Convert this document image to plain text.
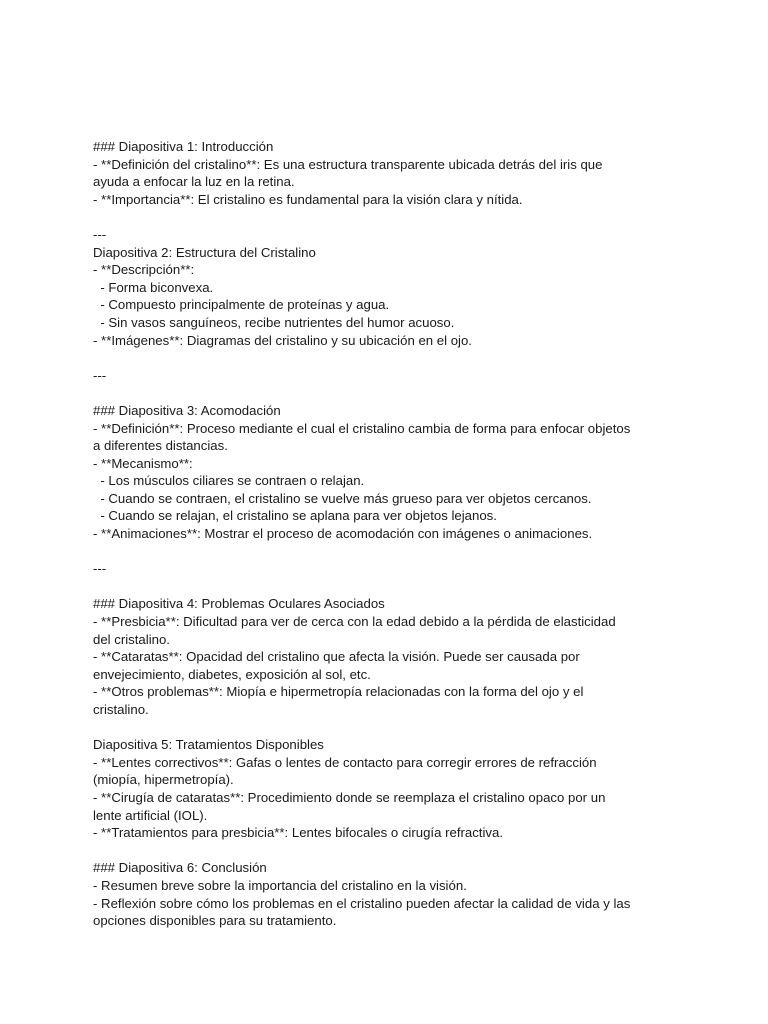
### Diapositiva 1: Introducción
- **Definición del cristalino**: Es una estructura transparente ubicada detrás del iris que
ayuda a enfocar la luz en la retina.
- **Importancia**: El cristalino es fundamental para la visión clara y nítida.
---
Diapositiva 2: Estructura del Cristalino
- **Descripción**:
- Forma biconvexa.
- Compuesto principalmente de proteínas y agua.
- Sin vasos sanguíneos, recibe nutrientes del humor acuoso.
- **Imágenes**: Diagramas del cristalino y su ubicación en el ojo.
---
### Diapositiva 3: Acomodación
- **Definición**: Proceso mediante el cual el cristalino cambia de forma para enfocar objetos
a diferentes distancias.
- **Mecanismo**:
- Los músculos ciliares se contraen o relajan.
- Cuando se contraen, el cristalino se vuelve más grueso para ver objetos cercanos.
- Cuando se relajan, el cristalino se aplana para ver objetos lejanos.
- **Animaciones**: Mostrar el proceso de acomodación con imágenes o animaciones.
---
### Diapositiva 4: Problemas Oculares Asociados
- **Presbicia**: Dificultad para ver de cerca con la edad debido a la pérdida de elasticidad
del cristalino.
- **Cataratas**: Opacidad del cristalino que afecta la visión. Puede ser causada por
envejecimiento, diabetes, exposición al sol, etc.
- **Otros problemas**: Miopía e hipermetropía relacionadas con la forma del ojo y el
cristalino.
Diapositiva 5: Tratamientos Disponibles
- **Lentes correctivos**: Gafas o lentes de contacto para corregir errores de refracción
(miopía, hipermetropía).
- **Cirugía de cataratas**: Procedimiento donde se reemplaza el cristalino opaco por un
lente artificial (IOL).
- **Tratamientos para presbicia**: Lentes bifocales o cirugía refractiva.
### Diapositiva 6: Conclusión
- Resumen breve sobre la importancia del cristalino en la visión.
- Reflexión sobre cómo los problemas en el cristalino pueden afectar la calidad de vida y las
opciones disponibles para su tratamiento.
